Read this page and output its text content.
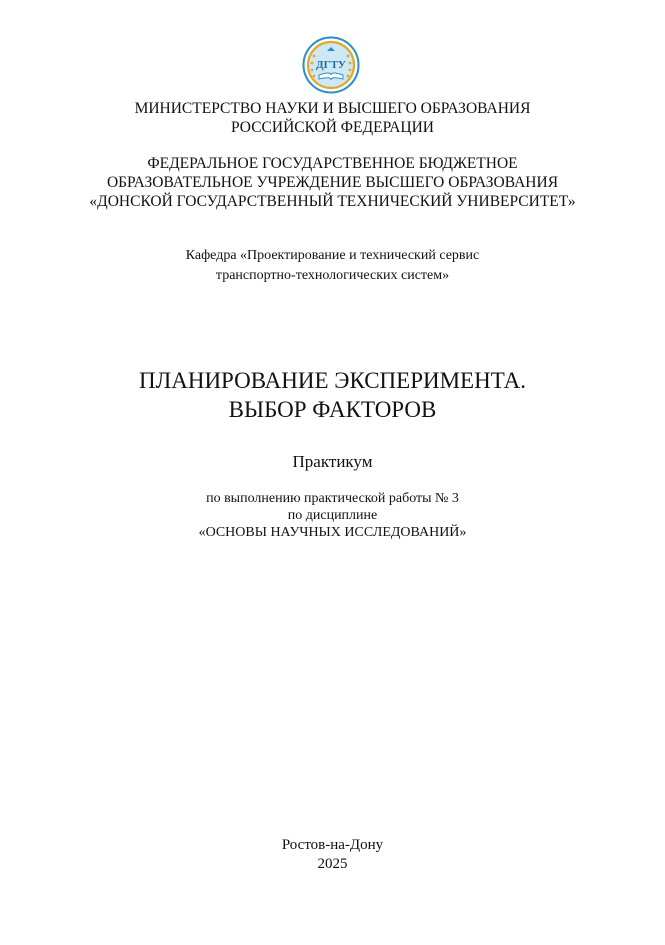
ДГТУ
МИНИСТЕРСТВО НАУКИ И ВЫСШЕГО ОБРАЗОВАНИЯ
РОССИЙСКОЙ ФЕДЕРАЦИИ
ФЕДЕРАЛЬНОЕ ГОСУДАРСТВЕННОЕ БЮДЖЕТНОЕ
ОБРАЗОВАТЕЛЬНОЕ УЧРЕЖДЕНИЕ ВЫСШЕГО ОБРАЗОВАНИЯ
«ДОНСКОЙ ГОСУДАРСТВЕННЫЙ ТЕХНИЧЕСКИЙ УНИВЕРСИТЕТ»
Кафедра «Проектирование и технический сервис
транспортно-технологических систем»
ПЛАНИРОВАНИЕ ЭКСПЕРИМЕНТА.
ВЫБОР ФАКТОРОВ
Практикум
по выполнению практической работы № 3
по дисциплине
«ОСНОВЫ НАУЧНЫХ ИССЛЕДОВАНИЙ»
Ростов-на-Дону
2025
